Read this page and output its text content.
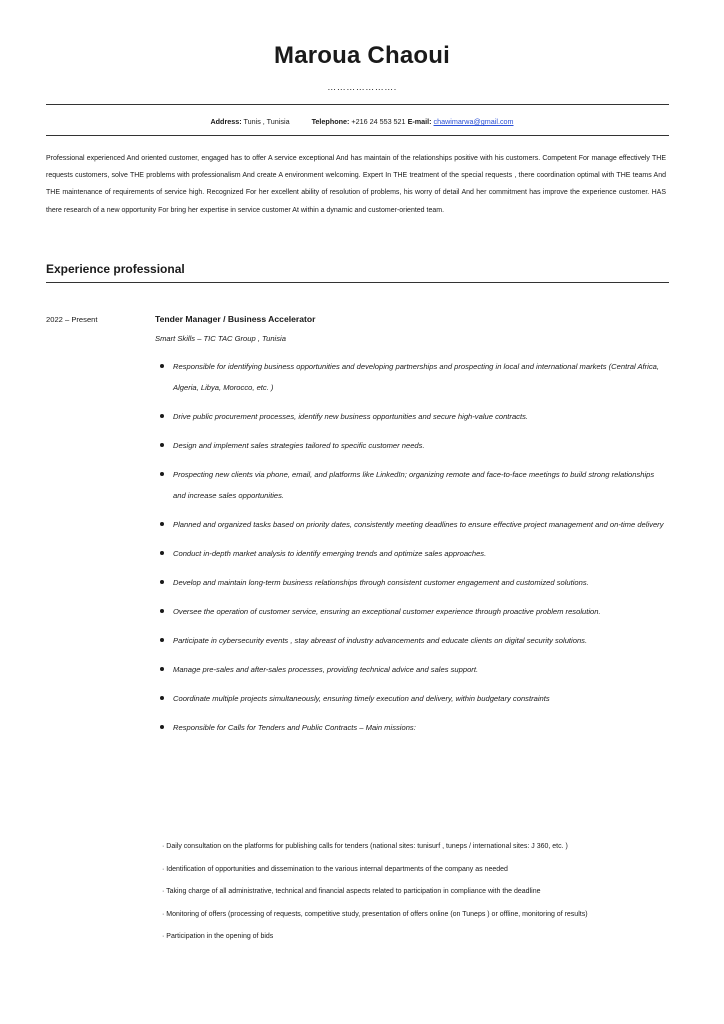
Maroua Chaoui
………………….
Address: Tunis , Tunisia	Telephone: +216 24 553 521 E-mail: chawimarwa@gmail.com
Professional experienced And oriented customer, engaged has to offer A service exceptional And has maintain of the relationships positive with his customers. Competent For manage effectively THE requests customers, solve THE problems with professionalism And create A environment welcoming. Expert In THE treatment of the special requests , there coordination optimal with THE teams And THE maintenance of requirements of service high. Recognized For her excellent ability of resolution of problems, his worry of detail And her commitment has improve the experience customer. HAS there research of a new opportunity For bring her expertise in service customer At within a dynamic and customer-oriented team.
Experience professional
2022 – Present	Tender Manager / Business Accelerator
Smart Skills – TIC TAC Group , Tunisia
Responsible for identifying business opportunities and developing partnerships and prospecting in local and international markets (Central Africa, Algeria, Libya, Morocco, etc. )
Drive public procurement processes, identify new business opportunities and secure high-value contracts.
Design and implement sales strategies tailored to specific customer needs.
Prospecting new clients via phone, email, and platforms like LinkedIn; organizing remote and face-to-face meetings to build strong relationships and increase sales opportunities.
Planned and organized tasks based on priority dates, consistently meeting deadlines to ensure effective project management and on-time delivery
Conduct in-depth market analysis to identify emerging trends and optimize sales approaches.
Develop and maintain long-term business relationships through consistent customer engagement and customized solutions.
Oversee the operation of customer service, ensuring an exceptional customer experience through proactive problem resolution.
Participate in cybersecurity events , stay abreast of industry advancements and educate clients on digital security solutions.
Manage pre-sales and after-sales processes, providing technical advice and sales support.
Coordinate multiple projects simultaneously, ensuring timely execution and delivery, within budgetary constraints
Responsible for Calls for Tenders and Public Contracts – Main missions:
· Daily consultation on the platforms for publishing calls for tenders (national sites: tunisurf , tuneps / international sites: J 360, etc. )
· Identification of opportunities and dissemination to the various internal departments of the company as needed
· Taking charge of all administrative, technical and financial aspects related to participation in compliance with the deadline
· Monitoring of offers (processing of requests, competitive study, presentation of offers online (on Tuneps ) or offline, monitoring of results)
· Participation in the opening of bids
